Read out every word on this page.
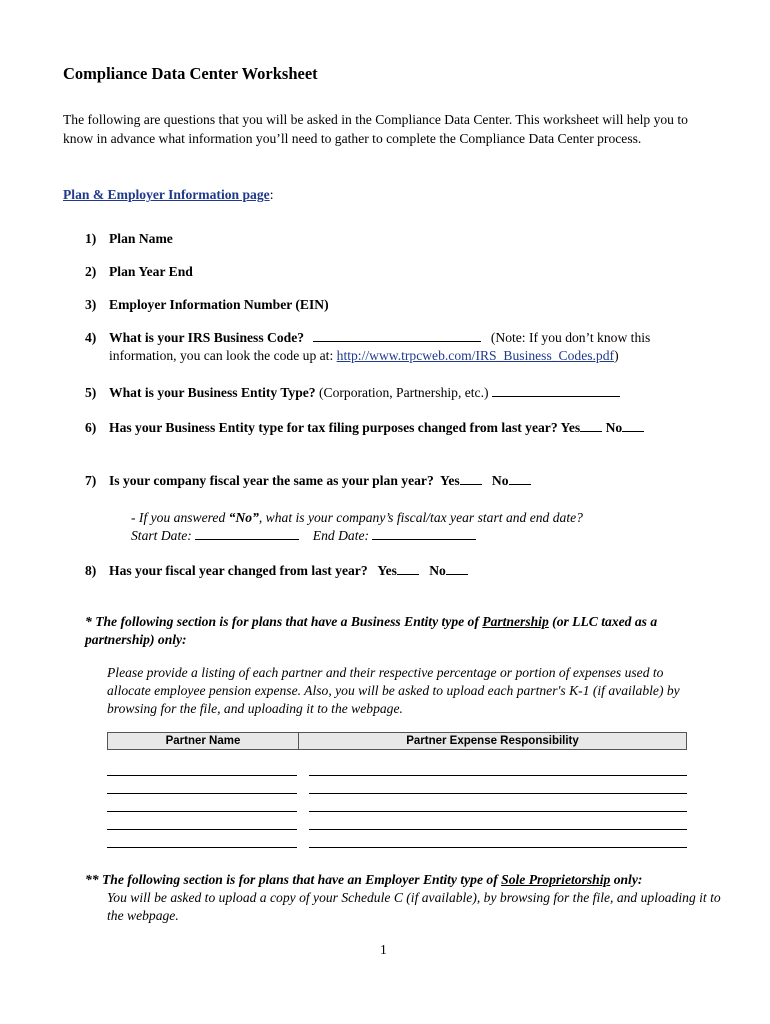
Compliance Data Center Worksheet
The following are questions that you will be asked in the Compliance Data Center. This worksheet will help you to know in advance what information you’ll need to gather to complete the Compliance Data Center process.
Plan & Employer Information page:
1) Plan Name
2) Plan Year End
3) Employer Information Number (EIN)
4) What is your IRS Business Code?	(Note: If you don’t know this information, you can look the code up at: http://www.trpcweb.com/IRS_Business_Codes.pdf)
5) What is your Business Entity Type? (Corporation, Partnership, etc.)
6) Has your Business Entity type for tax filing purposes changed from last year? Yes No
7) Is your company fiscal year the same as your plan year? Yes No
- If you answered “No”, what is your company’s fiscal/tax year start and end date?
Start Date:	End Date:
8) Has your fiscal year changed from last year? Yes No
* The following section is for plans that have a Business Entity type of Partnership (or LLC taxed as a partnership) only:
Please provide a listing of each partner and their respective percentage or portion of expenses used to allocate employee pension expense. Also, you will be asked to upload each partner's K-1 (if available) by browsing for the file, and uploading it to the webpage.
Partner Name	Partner Expense Responsibility
** The following section is for plans that have an Employer Entity type of Sole Proprietorship only:
You will be asked to upload a copy of your Schedule C (if available), by browsing for the file, and uploading it to the webpage.
1
